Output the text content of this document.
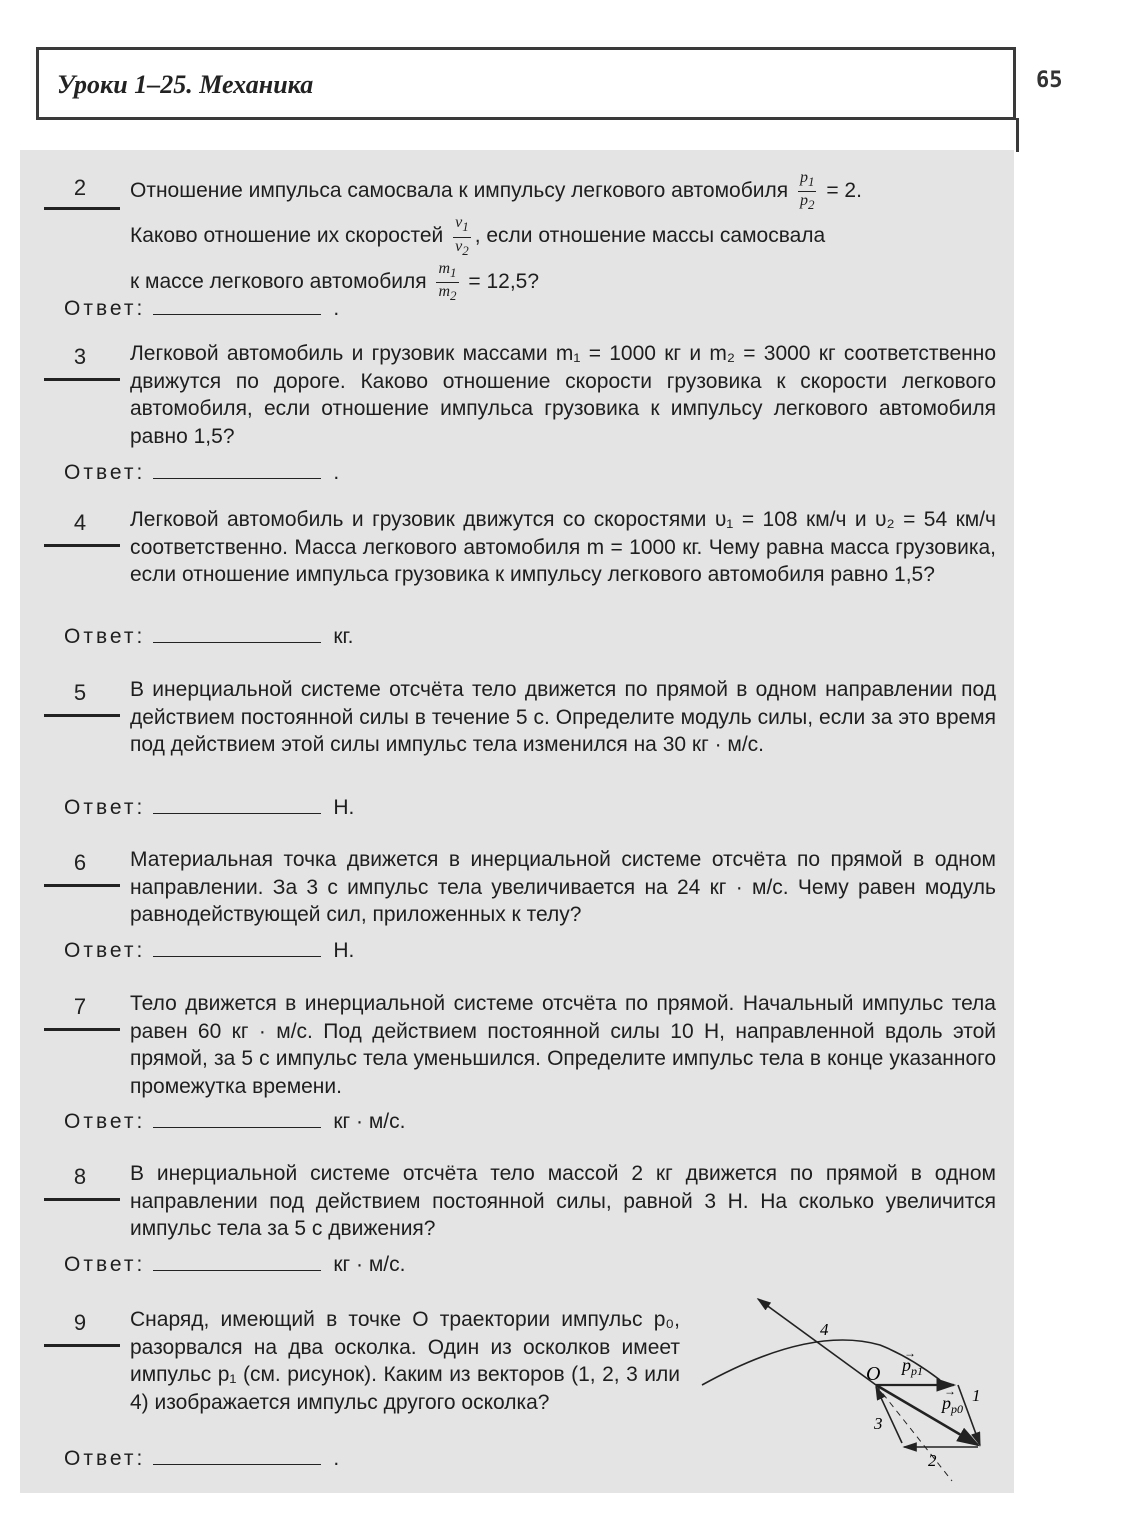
Уроки 1–25. Механика	65
2	Отношение импульса самосвала к импульсу легкового автомобиля $\frac{p_1}{p_2} = 2$.
Каково отношение их скоростей $\frac{v_1}{v_2}$ , если отношение массы самосвала
к массе легкового автомобиля $\frac{m_1}{m_2} = 12,5$?
Ответ:	.
3	Легковой автомобиль и грузовик массами m₁ = 1000 кг и m₂ = 3000 кг соответственно движутся по дороге. Каково отношение скорости грузовика к скорости легкового автомобиля, если отношение импульса грузовика к импульсу легкового автомобиля равно 1,5?
Ответ:	.
4	Легковой автомобиль и грузовик движутся со скоростями υ₁ = 108 км/ч и υ₂ = 54 км/ч соответственно. Масса легкового автомобиля m = 1000 кг. Чему равна масса грузовика, если отношение импульса грузовика к импульсу легкового автомобиля равно 1,5?
Ответ:	кг.
5	В инерциальной системе отсчёта тело движется по прямой в одном направлении под действием постоянной силы в течение 5 с. Определите модуль силы, если за это время под действием этой силы импульс тела изменился на 30 кг · м/с.
Ответ:	Н.
6	Материальная точка движется в инерциальной системе отсчёта по прямой в одном направлении. За 3 с импульс тела увеличивается на 24 кг · м/с. Чему равен модуль равнодействующей сил, приложенных к телу?
Ответ:	Н.
7	Тело движется в инерциальной системе отсчёта по прямой. Начальный импульс тела равен 60 кг · м/с. Под действием постоянной силы 10 Н, направленной вдоль этой прямой, за 5 с импульс тела уменьшился. Определите импульс тела в конце указанного промежутка времени.
Ответ:	кг · м/с.
8	В инерциальной системе отсчёта тело массой 2 кг движется по прямой в одном направлении под действием постоянной силы, равной 3 Н. На сколько увеличится импульс тела за 5 с движения?
Ответ:	кг · м/с.
9	Снаряд, имеющий в точке O траектории импульс p₀, разорвался на два осколка. Один из осколков имеет импульс p₁ (см. рисунок). Каким из векторов (1, 2, 3 или 4) изображается импульс другого осколка?
Ответ:	.
O $p_{p1}$
→
$p_{p0}$
→
4
1
3
2
